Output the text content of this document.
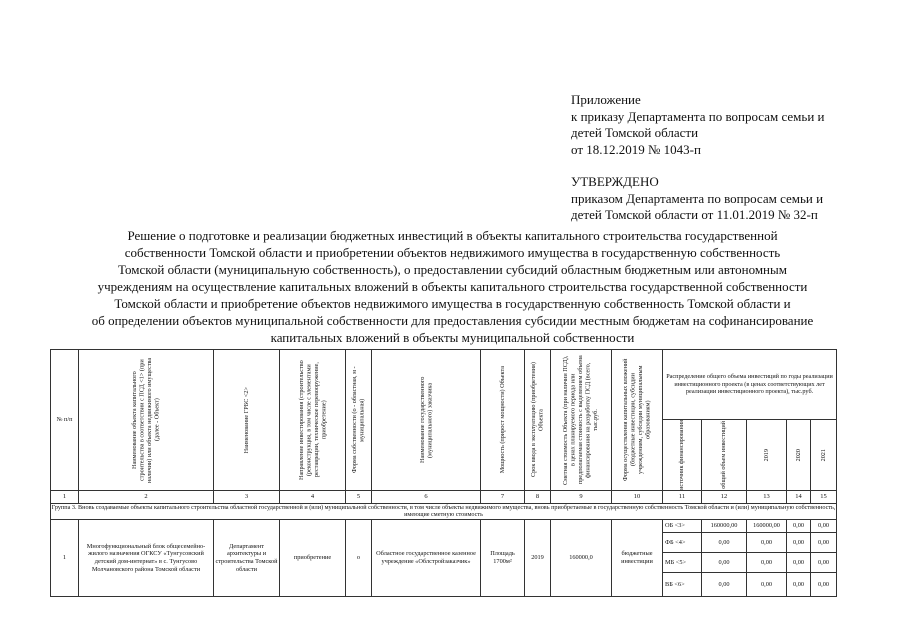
Приложение
к приказу Департамента по вопросам семьи и
детей Томской области
от 18.12.2019 № 1043-п
УТВЕРЖДЕНО
приказом Департамента по вопросам семьи и
детей Томской области от 11.01.2019 № 32-п
Решение о подготовке и реализации бюджетных инвестиций в объекты капитального строительства государственной
собственности Томской области и приобретении объектов недвижимого имущества в государственную собственность
Томской области (муниципальную собственность), о предоставлении субсидий областным бюджетным или автономным
учреждениям на осуществление капитальных вложений в объекты капитального строительства государственной собственности
Томской области и приобретение объектов недвижимого имущества в государственную собственность Томской области и
об определении объектов муниципальной собственности для предоставления субсидии местным бюджетам на софинансирование
капитальных вложений в объекты муниципальной собственности
№ п/п	Наименование объекта капитального строительства в соответствии с ПСД <1> (при наличии) или объекта недвижимого имущества (далее - Объект)	Наименование ГРБС <2>	Направление инвестирования (строительство (реконструкция, в том числе с элементами реставрации, техническое перевооружение, приобретение)	Форма собственности (о - областная, м - муниципальная)	Наименование государственного (муниципального) заказчика	Мощность (прирост мощности) Объекта	Срок ввода в эксплуатацию (приобретения) Объекта	Сметная стоимость Объекта (при наличии ПСД), в ценах планируемого периода или предполагаемая стоимость с выделением объема финансирования на разработку ПСД (всего, тыс.руб.	Форма осуществления капитальных вложений (бюджетные инвестиции, субсидии учреждениям, субсидии муниципальным образованиям)	Распределение общего объема инвестиций по годы реализации инвестиционного проекта (в ценах соответствующих лет реализации инвестиционного проекта), тыс.руб.				

										источник финансирования	общий объем инвестиций	2019	2020	2021

1	2	3	4	5	6	7	8	9	10	11	12	13	14	15
Группа 3. Вновь создаваемые объекты капитального строительства областной государственной и (или) муниципальной собственности, в том числе объекты недвижимого имущества, вновь приобретаемые в государственную собственность Томской области и (или) муниципальную собственность, имеющие сметную стоимость														
1	Многофункциональный блок общесемейно-жилого назначения ОГКСУ «Тунгусовский детский дом-интернат» в с. Тунгусово Молчановского района Томской области	Департамент архитектуры и строительства Томской области	приобретение	о	Областное государственное казенное учреждение «Облстройзаказчик»	Площадь 1700м²	2019	160000,0	бюджетные инвестиции	ОБ <3>	160000,00	160000,00	0,00	0,00
										ФБ <4>	0,00	0,00	0,00	0,00
										МБ <5>	0,00	0,00	0,00	0,00
										ВБ <6>	0,00	0,00	0,00	0,00
